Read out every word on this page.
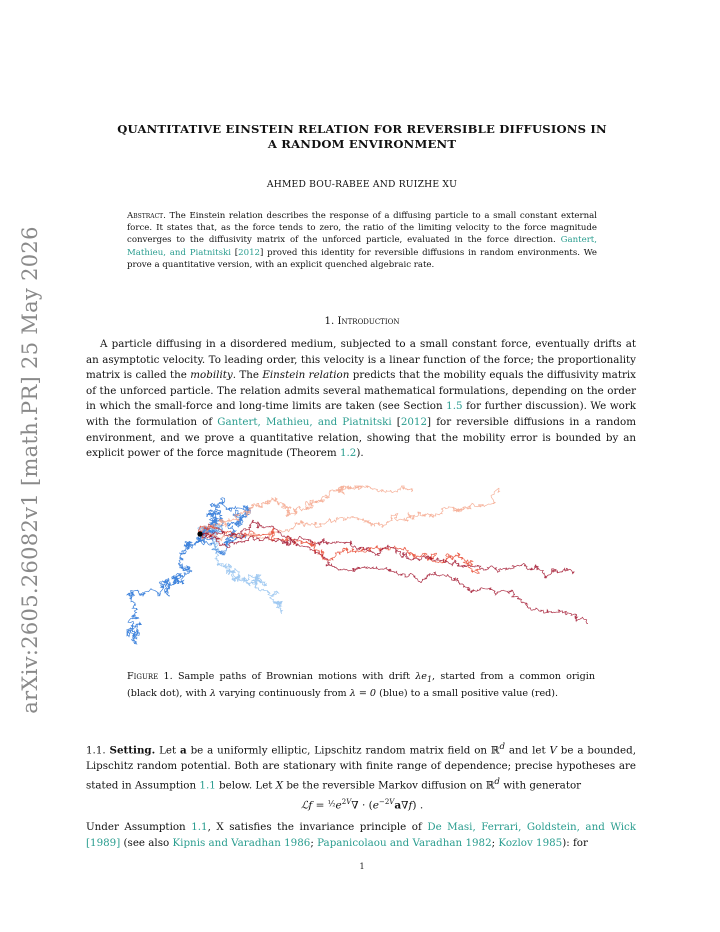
arXiv:2605.26082v1 [math.PR] 25 May 2026
QUANTITATIVE EINSTEIN RELATION FOR REVERSIBLE DIFFUSIONS IN
A RANDOM ENVIRONMENT
AHMED BOU-RABEE AND RUIZHE XU
Abstract. The Einstein relation describes the response of a diffusing particle to a small constant external force. It states that, as the force tends to zero, the ratio of the limiting velocity to the force magnitude converges to the diffusivity matrix of the unforced particle, evaluated in the force direction. Gantert, Mathieu, and Piatnitski [2012] proved this identity for reversible diffusions in random environments. We prove a quantitative version, with an explicit quenched algebraic rate.
1. Introduction
A particle diffusing in a disordered medium, subjected to a small constant force, eventually drifts at an asymptotic velocity. To leading order, this velocity is a linear function of the force; the proportionality matrix is called the mobility. The Einstein relation predicts that the mobility equals the diffusivity matrix of the unforced particle. The relation admits several mathematical formulations, depending on the order in which the small-force and long-time limits are taken (see Section 1.5 for further discussion). We work with the formulation of Gantert, Mathieu, and Piatnitski [2012] for reversible diffusions in a random environment, and we prove a quantitative relation, showing that the mobility error is bounded by an explicit power of the force magnitude (Theorem 1.2).
Figure 1. Sample paths of Brownian motions with drift $\lambda e_1$, started from a common origin (black dot), with λ varying continuously from λ = 0 (blue) to a small positive value (red).
1.1. Setting. Let a be a uniformly elliptic, Lipschitz random matrix field on ℝ$^d$ and let V be a bounded, Lipschitz random potential. Both are stationary with finite range of dependence; precise hypotheses are stated in Assumption 1.1 below. Let X be the reversible Markov diffusion on ℝ$^d$ with generator
ℒf = $\frac{1}{2}e^{2V}\nabla \cdot (e^{-2V}a\nabla f)$ .
Under Assumption 1.1, X satisfies the invariance principle of De Masi, Ferrari, Goldstein, and Wick [1989] (see also Kipnis and Varadhan 1986; Papanicolaou and Varadhan 1982; Kozlov 1985): for
1
